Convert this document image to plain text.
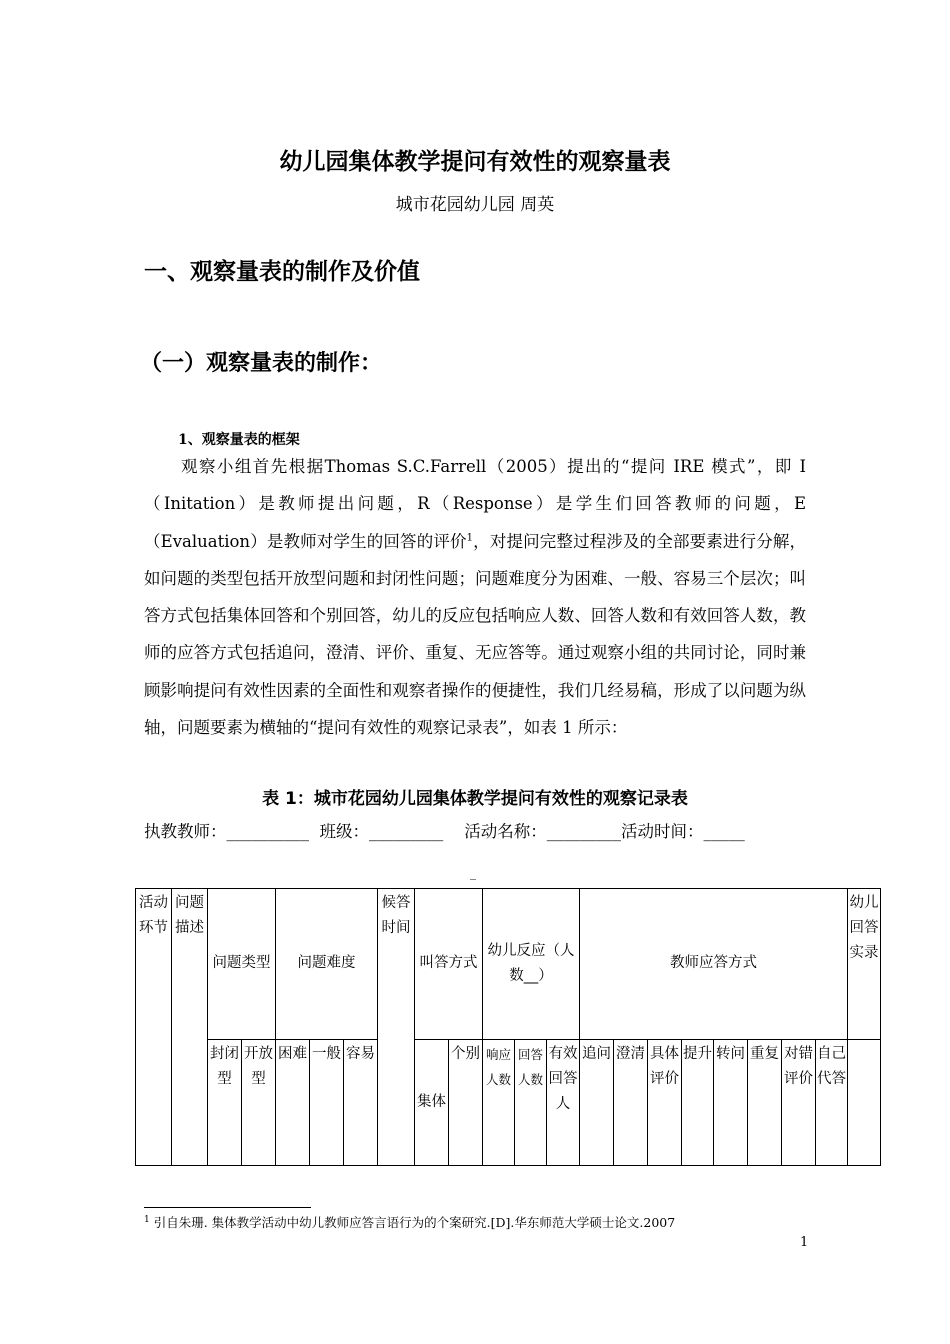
幼儿园集体教学提问有效性的观察量表
城市花园幼儿园 周英
一、观察量表的制作及价值
（一）观察量表的制作：
1、观察量表的框架
观察小组首先根据Thomas S.C.Farrell（2005）提出的“提问 IRE 模式”，即 I（Initation）是教师提出问题，R（Response）是学生们回答教师的问题，E（Evaluation）是教师对学生的回答的评价$^1$，对提问完整过程涉及的全部要素进行分解，如问题的类型包括开放型问题和封闭性问题；问题难度分为困难、一般、容易三个层次；叫答方式包括集体回答和个别回答，幼儿的反应包括响应人数、回答人数和有效回答人数，教师的应答方式包括追问，澄清、评价、重复、无应答等。通过观察小组的共同讨论，同时兼顾影响提问有效性因素的全面性和观察者操作的便捷性，我们几经易稿，形成了以问题为纵轴，问题要素为横轴的“提问有效性的观察记录表”，如表 1 所示：
表 1：城市花园幼儿园集体教学提问有效性的观察记录表
执教教师：__________  班级：_________    活动名称：_________活动时间：_____
_
活动环节	问题描述	问题类型		问题难度			候答时间	叫答方式		幼儿反应（人数__）			教师应答方式								幼儿回答实录
		封闭型	开放型	困难	一般	容易		集体	个别	响应人数	回答人数	有效回答人	追问	澄清	具体评价	提升	转问	重复	对错评价	自己代答	
$^1$ 引自朱珊. 集体教学活动中幼儿教师应答言语行为的个案研究.[D].华东师范大学硕士论文.2007
1
